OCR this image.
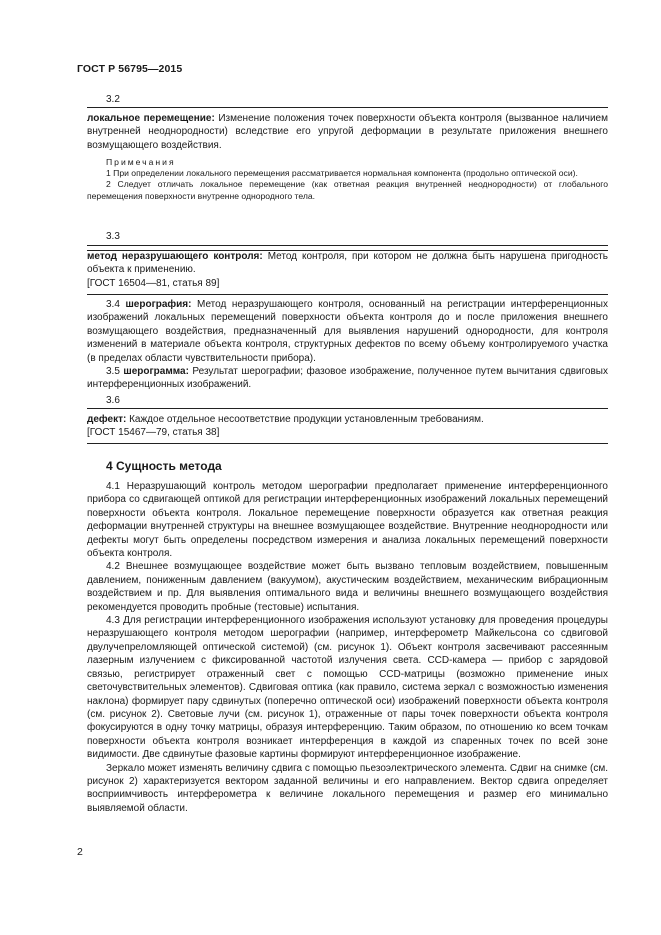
ГОСТ Р 56795—2015
3.2

локальное перемещение: Изменение положения точек поверхности объекта контроля (вызванное наличием внутренней неоднородности) вследствие его упругой деформации в результате приложения внешнего возмущающего воздействия.

Примечания

1 При определении локального перемещения рассматривается нормальная компонента (продольно оптической оси).

2 Следует отличать локальное перемещение (как ответная реакция внутренней неоднородности) от глобального перемещения поверхности внутренне однородного тела.

3.3

метод неразрушающего контроля: Метод контроля, при котором не должна быть нарушена пригодность объекта к применению.

[ГОСТ 16504—81, статья 89]

3.4 шерография: Метод неразрушающего контроля, основанный на регистрации интерференционных изображений локальных перемещений поверхности объекта контроля до и после приложения внешнего возмущающего воздействия, предназначенный для выявления нарушений однородности, для контроля изменений в материале объекта контроля, структурных дефектов по всему объему контролируемого участка (в пределах области чувствительности прибора).

3.5 шерограмма: Результат шерографии; фазовое изображение, полученное путем вычитания сдвиговых интерференционных изображений.

3.6

дефект: Каждое отдельное несоответствие продукции установленным требованиям.

[ГОСТ 15467—79, статья 38]

4 Сущность метода

4.1 Неразрушающий контроль методом шерографии предполагает применение интерференционного прибора со сдвигающей оптикой для регистрации интерференционных изображений локальных перемещений поверхности объекта контроля. Локальное перемещение поверхности образуется как ответная реакция деформации внутренней структуры на внешнее возмущающее воздействие. Внутренние неоднородности или дефекты могут быть определены посредством измерения и анализа локальных перемещений поверхности объекта контроля.

4.2 Внешнее возмущающее воздействие может быть вызвано тепловым воздействием, повышенным давлением, пониженным давлением (вакуумом), акустическим воздействием, механическим вибрационным воздействием и пр. Для выявления оптимального вида и величины внешнего возмущающего воздействия рекомендуется проводить пробные (тестовые) испытания.

4.3 Для регистрации интерференционного изображения используют установку для проведения процедуры неразрушающего контроля методом шерографии (например, интерферометр Майкельсона со сдвиговой двулучепреломляющей оптической системой) (см. рисунок 1). Объект контроля засвечивают рассеянным лазерным излучением с фиксированной частотой излучения света. CCD-камера — прибор с зарядовой связью, регистрирует отраженный свет с помощью CCD-матрицы (возможно применение иных светочувствительных элементов). Сдвиговая оптика (как правило, система зеркал с возможностью изменения наклона) формирует пару сдвинутых (поперечно оптической оси) изображений поверхности объекта контроля (см. рисунок 2). Световые лучи (см. рисунок 1), отраженные от пары точек поверхности объекта контроля фокусируются в одну точку матрицы, образуя интерференцию. Таким образом, по отношению ко всем точкам поверхности объекта контроля возникает интерференция в каждой из спаренных точек по всей зоне видимости. Две сдвинутые фазовые картины формируют интерференционное изображение.

Зеркало может изменять величину сдвига с помощью пьезоэлектрического элемента. Сдвиг на снимке (см. рисунок 2) характеризуется вектором заданной величины и его направлением. Вектор сдвига определяет восприимчивость интерферометра к величине локального перемещения и размер его минимально выявляемой области.

2
